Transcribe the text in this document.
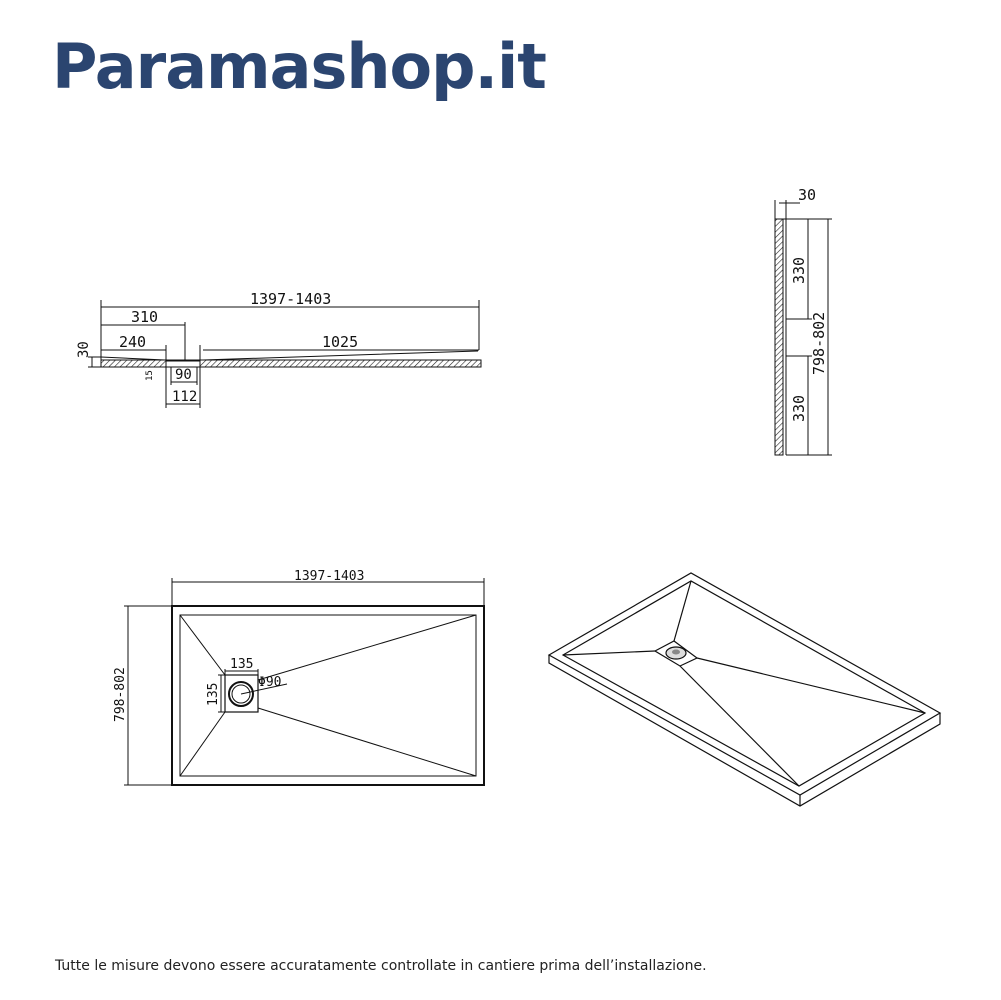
Paramashop.it
1397-1403
310
240	1025
30
15 90
112
30
330
330
798-802
1397-1403
798-802
135
135
Φ90
Tutte le misure devono essere accuratamente controllate in cantiere prima dell’installazione.
